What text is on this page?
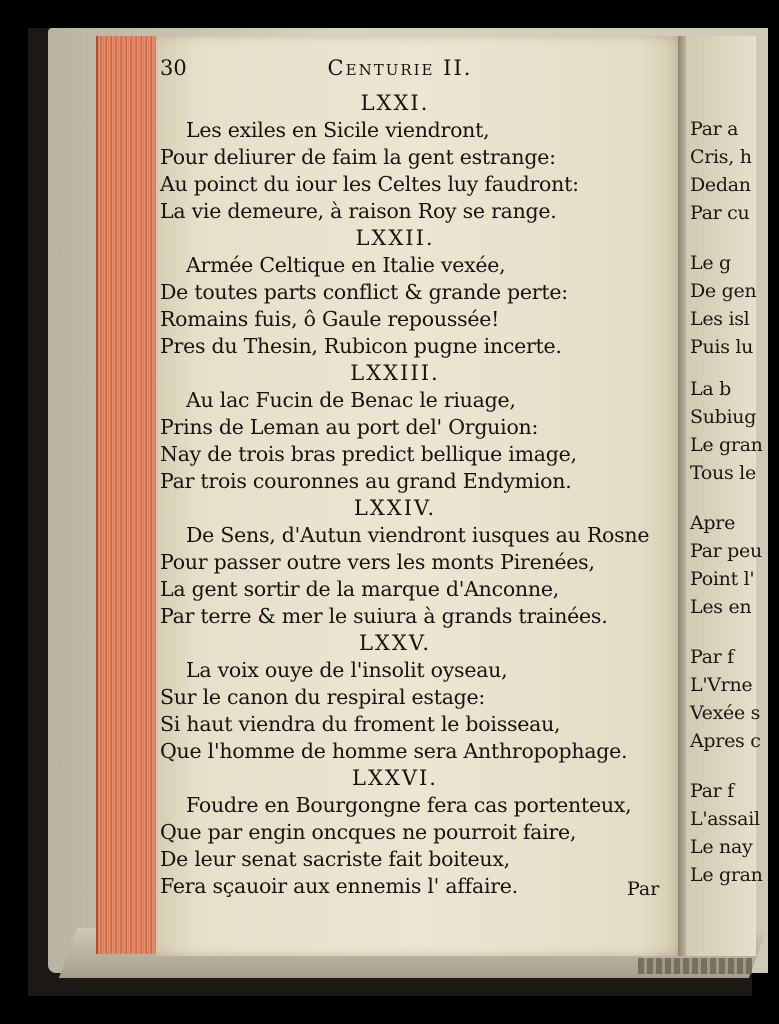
Par a
Cris, h
Dedan
Par cu
Le g
De gen
Les isl
Puis lu
La b
Subiug
Le gran
Tous le
Apre
Par peu
Point l'
Les en
Par f
L'Vrne
Vexée s
Apres c
Par f
L'assail
Le nay
Le gran
30	Centurie II.
LXXI.
Les exiles en Sicile viendront,
Pour deliurer de faim la gent estrange:
Au poinct du iour les Celtes luy faudront:
La vie demeure, à raison Roy se range.
LXXII.
Armée Celtique en Italie vexée,
De toutes parts conflict & grande perte:
Romains fuis, ô Gaule repoussée!
Pres du Thesin, Rubicon pugne incerte.
LXXIII.
Au lac Fucin de Benac le riuage,
Prins de Leman au port del' Orguion:
Nay de trois bras predict bellique image,
Par trois couronnes au grand Endymion.
LXXIV.
De Sens, d'Autun viendront iusques au Rosne
Pour passer outre vers les monts Pirenées,
La gent sortir de la marque d'Anconne,
Par terre & mer le suiura à grands trainées.
LXXV.
La voix ouye de l'insolit oyseau,
Sur le canon du respiral estage:
Si haut viendra du froment le boisseau,
Que l'homme de homme sera Anthropophage.
LXXVI.
Foudre en Bourgongne fera cas portenteux,
Que par engin oncques ne pourroit faire,
De leur senat sacriste fait boiteux,
Fera sçauoir aux ennemis l' affaire.	Par
